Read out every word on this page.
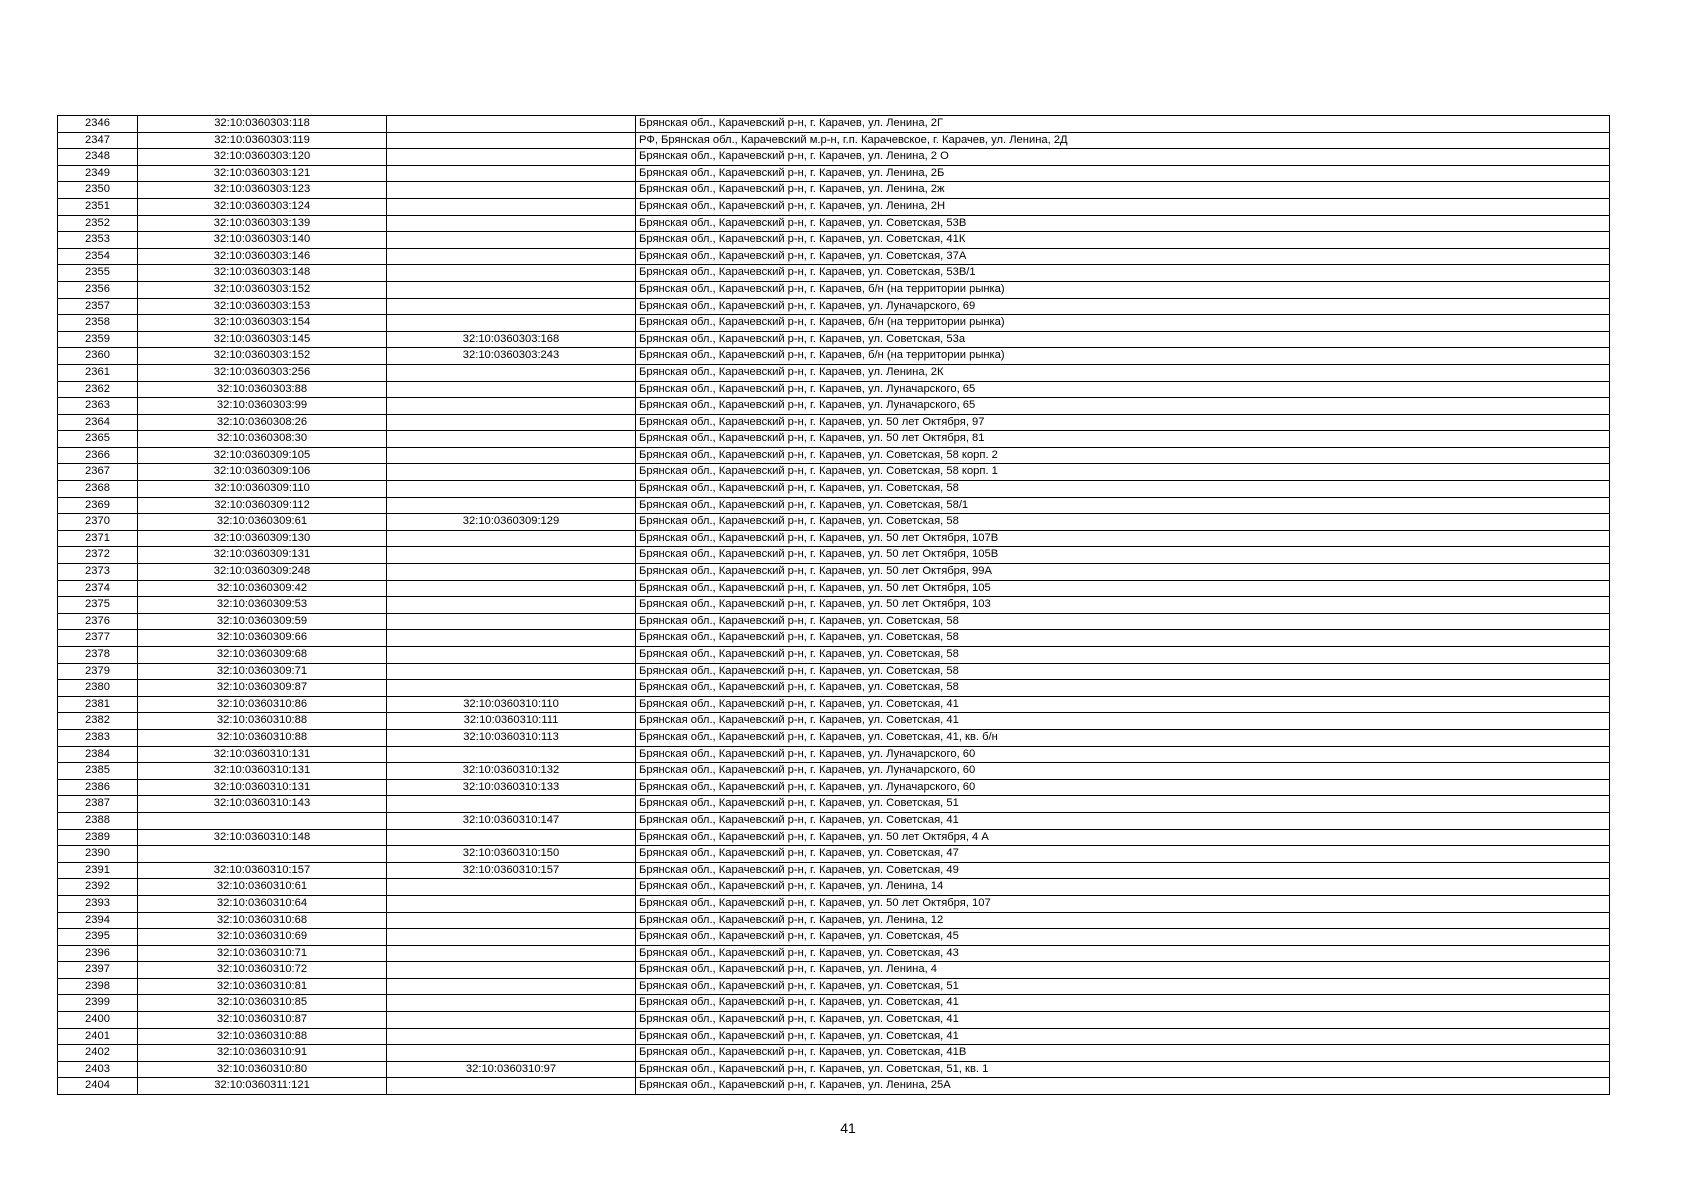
2346	32:10:0360303:118		Брянская обл., Карачевский р-н, г. Карачев, ул. Ленина, 2Г
2347	32:10:0360303:119		РФ, Брянская обл., Карачевский м.р-н, г.п. Карачевское, г. Карачев, ул. Ленина, 2Д
2348	32:10:0360303:120		Брянская обл., Карачевский р-н, г. Карачев, ул. Ленина, 2 О
2349	32:10:0360303:121		Брянская обл., Карачевский р-н, г. Карачев, ул. Ленина, 2Б
2350	32:10:0360303:123		Брянская обл., Карачевский р-н, г. Карачев, ул. Ленина, 2ж
2351	32:10:0360303:124		Брянская обл., Карачевский р-н, г. Карачев, ул. Ленина, 2Н
2352	32:10:0360303:139		Брянская обл., Карачевский р-н, г. Карачев, ул. Советская, 53В
2353	32:10:0360303:140		Брянская обл., Карачевский р-н, г. Карачев, ул. Советская, 41К
2354	32:10:0360303:146		Брянская обл., Карачевский р-н, г. Карачев, ул. Советская, 37А
2355	32:10:0360303:148		Брянская обл., Карачевский р-н, г. Карачев, ул. Советская, 53В/1
2356	32:10:0360303:152		Брянская обл., Карачевский р-н, г. Карачев, б/н (на территории рынка)
2357	32:10:0360303:153		Брянская обл., Карачевский р-н, г. Карачев, ул. Луначарского, 69
2358	32:10:0360303:154		Брянская обл., Карачевский р-н, г. Карачев, б/н (на территории рынка)
2359	32:10:0360303:145	32:10:0360303:168	Брянская обл., Карачевский р-н, г. Карачев, ул. Советская, 53а
2360	32:10:0360303:152	32:10:0360303:243	Брянская обл., Карачевский р-н, г. Карачев, б/н (на территории рынка)
2361	32:10:0360303:256		Брянская обл., Карачевский р-н, г. Карачев, ул. Ленина, 2К
2362	32:10:0360303:88		Брянская обл., Карачевский р-н, г. Карачев, ул. Луначарского, 65
2363	32:10:0360303:99		Брянская обл., Карачевский р-н, г. Карачев, ул. Луначарского, 65
2364	32:10:0360308:26		Брянская обл., Карачевский р-н, г. Карачев, ул. 50 лет Октября, 97
2365	32:10:0360308:30		Брянская обл., Карачевский р-н, г. Карачев, ул. 50 лет Октября, 81
2366	32:10:0360309:105		Брянская обл., Карачевский р-н, г. Карачев, ул. Советская, 58 корп. 2
2367	32:10:0360309:106		Брянская обл., Карачевский р-н, г. Карачев, ул. Советская, 58 корп. 1
2368	32:10:0360309:110		Брянская обл., Карачевский р-н, г. Карачев, ул. Советская, 58
2369	32:10:0360309:112		Брянская обл., Карачевский р-н, г. Карачев, ул. Советская, 58/1
2370	32:10:0360309:61	32:10:0360309:129	Брянская обл., Карачевский р-н, г. Карачев, ул. Советская, 58
2371	32:10:0360309:130		Брянская обл., Карачевский р-н, г. Карачев, ул. 50 лет Октября, 107В
2372	32:10:0360309:131		Брянская обл., Карачевский р-н, г. Карачев, ул. 50 лет Октября, 105В
2373	32:10:0360309:248		Брянская обл., Карачевский р-н, г. Карачев, ул. 50 лет Октября, 99А
2374	32:10:0360309:42		Брянская обл., Карачевский р-н, г. Карачев, ул. 50 лет Октября, 105
2375	32:10:0360309:53		Брянская обл., Карачевский р-н, г. Карачев, ул. 50 лет Октября, 103
2376	32:10:0360309:59		Брянская обл., Карачевский р-н, г. Карачев, ул. Советская, 58
2377	32:10:0360309:66		Брянская обл., Карачевский р-н, г. Карачев, ул. Советская, 58
2378	32:10:0360309:68		Брянская обл., Карачевский р-н, г. Карачев, ул. Советская, 58
2379	32:10:0360309:71		Брянская обл., Карачевский р-н, г. Карачев, ул. Советская, 58
2380	32:10:0360309:87		Брянская обл., Карачевский р-н, г. Карачев, ул. Советская, 58
2381	32:10:0360310:86	32:10:0360310:110	Брянская обл., Карачевский р-н, г. Карачев, ул. Советская, 41
2382	32:10:0360310:88	32:10:0360310:111	Брянская обл., Карачевский р-н, г. Карачев, ул. Советская, 41
2383	32:10:0360310:88	32:10:0360310:113	Брянская обл., Карачевский р-н, г. Карачев, ул. Советская, 41, кв. б/н
2384	32:10:0360310:131		Брянская обл., Карачевский р-н, г. Карачев, ул. Луначарского, 60
2385	32:10:0360310:131	32:10:0360310:132	Брянская обл., Карачевский р-н, г. Карачев, ул. Луначарского, 60
2386	32:10:0360310:131	32:10:0360310:133	Брянская обл., Карачевский р-н, г. Карачев, ул. Луначарского, 60
2387	32:10:0360310:143		Брянская обл., Карачевский р-н, г. Карачев, ул. Советская, 51
2388		32:10:0360310:147	Брянская обл., Карачевский р-н, г. Карачев, ул. Советская, 41
2389	32:10:0360310:148		Брянская обл., Карачевский р-н, г. Карачев, ул. 50 лет Октября, 4 А
2390		32:10:0360310:150	Брянская обл., Карачевский р-н, г. Карачев, ул. Советская, 47
2391	32:10:0360310:157	32:10:0360310:157	Брянская обл., Карачевский р-н, г. Карачев, ул. Советская, 49
2392	32:10:0360310:61		Брянская обл., Карачевский р-н, г. Карачев, ул. Ленина, 14
2393	32:10:0360310:64		Брянская обл., Карачевский р-н, г. Карачев, ул. 50 лет Октября, 107
2394	32:10:0360310:68		Брянская обл., Карачевский р-н, г. Карачев, ул. Ленина, 12
2395	32:10:0360310:69		Брянская обл., Карачевский р-н, г. Карачев, ул. Советская, 45
2396	32:10:0360310:71		Брянская обл., Карачевский р-н, г. Карачев, ул. Советская, 43
2397	32:10:0360310:72		Брянская обл., Карачевский р-н, г. Карачев, ул. Ленина, 4
2398	32:10:0360310:81		Брянская обл., Карачевский р-н, г. Карачев, ул. Советская, 51
2399	32:10:0360310:85		Брянская обл., Карачевский р-н, г. Карачев, ул. Советская, 41
2400	32:10:0360310:87		Брянская обл., Карачевский р-н, г. Карачев, ул. Советская, 41
2401	32:10:0360310:88		Брянская обл., Карачевский р-н, г. Карачев, ул. Советская, 41
2402	32:10:0360310:91		Брянская обл., Карачевский р-н, г. Карачев, ул. Советская, 41В
2403	32:10:0360310:80	32:10:0360310:97	Брянская обл., Карачевский р-н, г. Карачев, ул. Советская, 51, кв. 1
2404	32:10:0360311:121		Брянская обл., Карачевский р-н, г. Карачев, ул. Ленина, 25А
41
